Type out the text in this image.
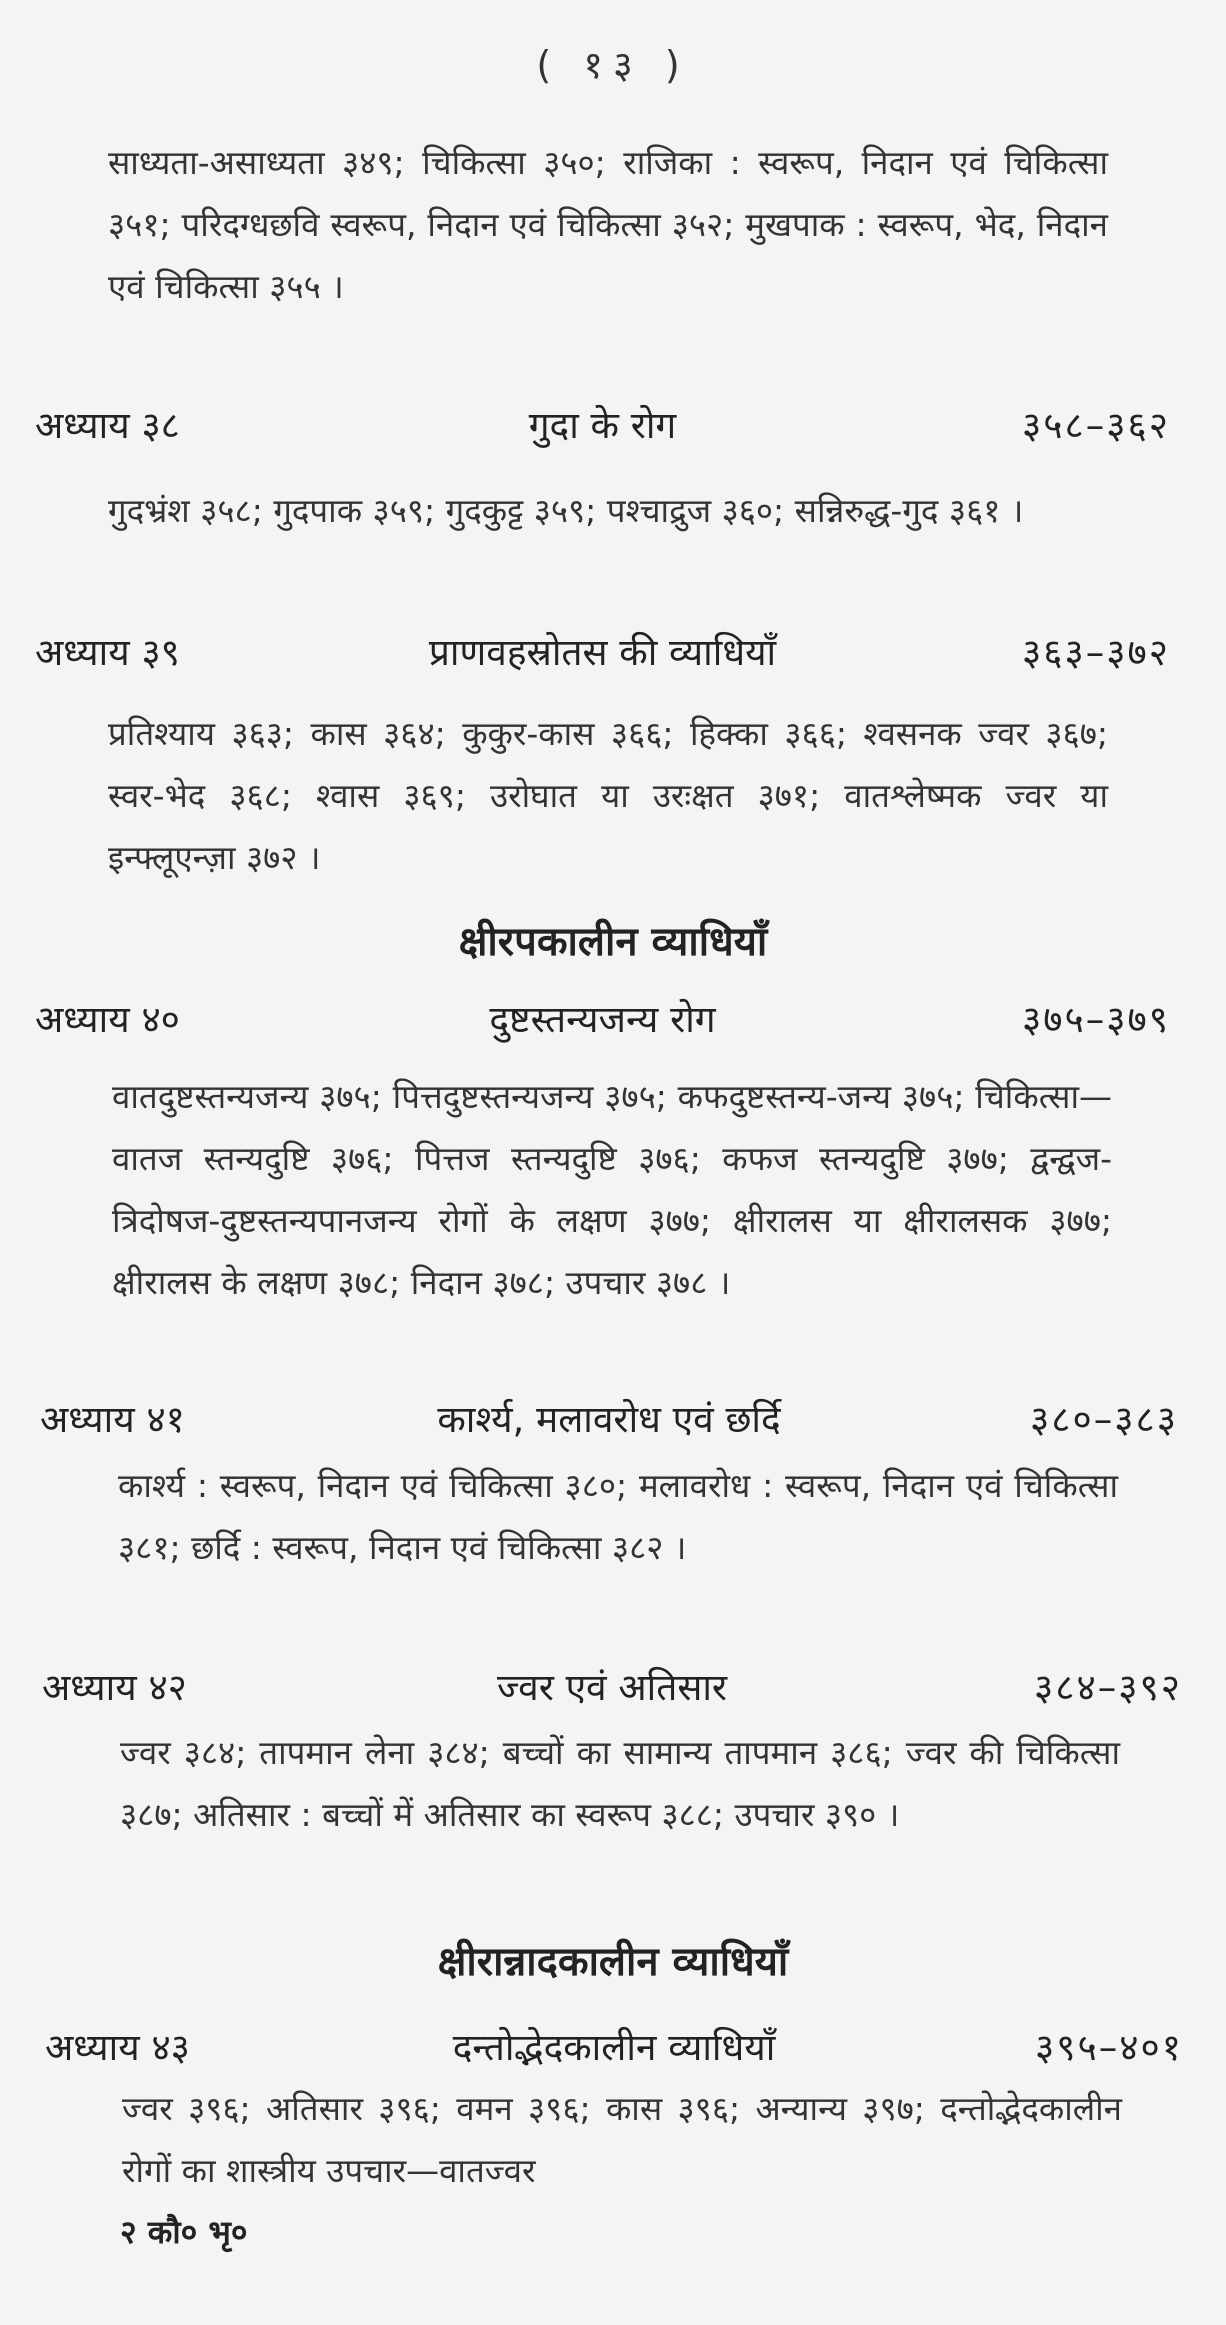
( १३ )
साध्यता-असाध्यता ३४९; चिकित्सा ३५०; राजिका : स्वरूप, निदान एवं चिकित्सा ३५१; परिदग्धछवि स्वरूप, निदान एवं चिकित्सा ३५२; मुखपाक : स्वरूप, भेद, निदान एवं चिकित्सा ३५५ ।
अध्याय ३८	गुदा के रोग	३५८–३६२
गुदभ्रंश ३५८; गुदपाक ३५९; गुदकुट्ट ३५९; पश्चाद्रुज ३६०; सन्निरुद्ध-गुद ३६१ ।
अध्याय ३९	प्राणवहस्रोतस की व्याधियाँ	३६३–३७२
प्रतिश्याय ३६३; कास ३६४; कुकुर-कास ३६६; हिक्का ३६६; श्वसनक ज्वर ३६७; स्वर-भेद ३६८; श्वास ३६९; उरोघात या उरःक्षत ३७१; वातश्लेष्मक ज्वर या इन्फ्लूएन्ज़ा ३७२ ।
क्षीरपकालीन व्याधियाँ
अध्याय ४०	दुष्टस्तन्यजन्य रोग	३७५–३७९
वातदुष्टस्तन्यजन्य ३७५; पित्तदुष्टस्तन्यजन्य ३७५; कफदुष्टस्तन्य-जन्य ३७५; चिकित्सा—वातज स्तन्यदुष्टि ३७६; पित्तज स्तन्यदुष्टि ३७६; कफज स्तन्यदुष्टि ३७७; द्वन्द्वज-त्रिदोषज-दुष्टस्तन्यपानजन्य रोगों के लक्षण ३७७; क्षीरालस या क्षीरालसक ३७७; क्षीरालस के लक्षण ३७८; निदान ३७८; उपचार ३७८ ।
अध्याय ४१	कार्श्य, मलावरोध एवं छर्दि	३८०–३८३
कार्श्य : स्वरूप, निदान एवं चिकित्सा ३८०; मलावरोध : स्वरूप, निदान एवं चिकित्सा ३८१; छर्दि : स्वरूप, निदान एवं चिकित्सा ३८२ ।
अध्याय ४२	ज्वर एवं अतिसार	३८४–३९२
ज्वर ३८४; तापमान लेना ३८४; बच्चों का सामान्य तापमान ३८६; ज्वर की चिकित्सा ३८७; अतिसार : बच्चों में अतिसार का स्वरूप ३८८; उपचार ३९० ।
क्षीरान्नादकालीन व्याधियाँ
अध्याय ४३	दन्तोद्भेदकालीन व्याधियाँ	३९५–४०१
ज्वर ३९६; अतिसार ३९६; वमन ३९६; कास ३९६; अन्यान्य ३९७; दन्तोद्भेदकालीन रोगों का शास्त्रीय उपचार—वातज्वर
२ कौ० भृ०
